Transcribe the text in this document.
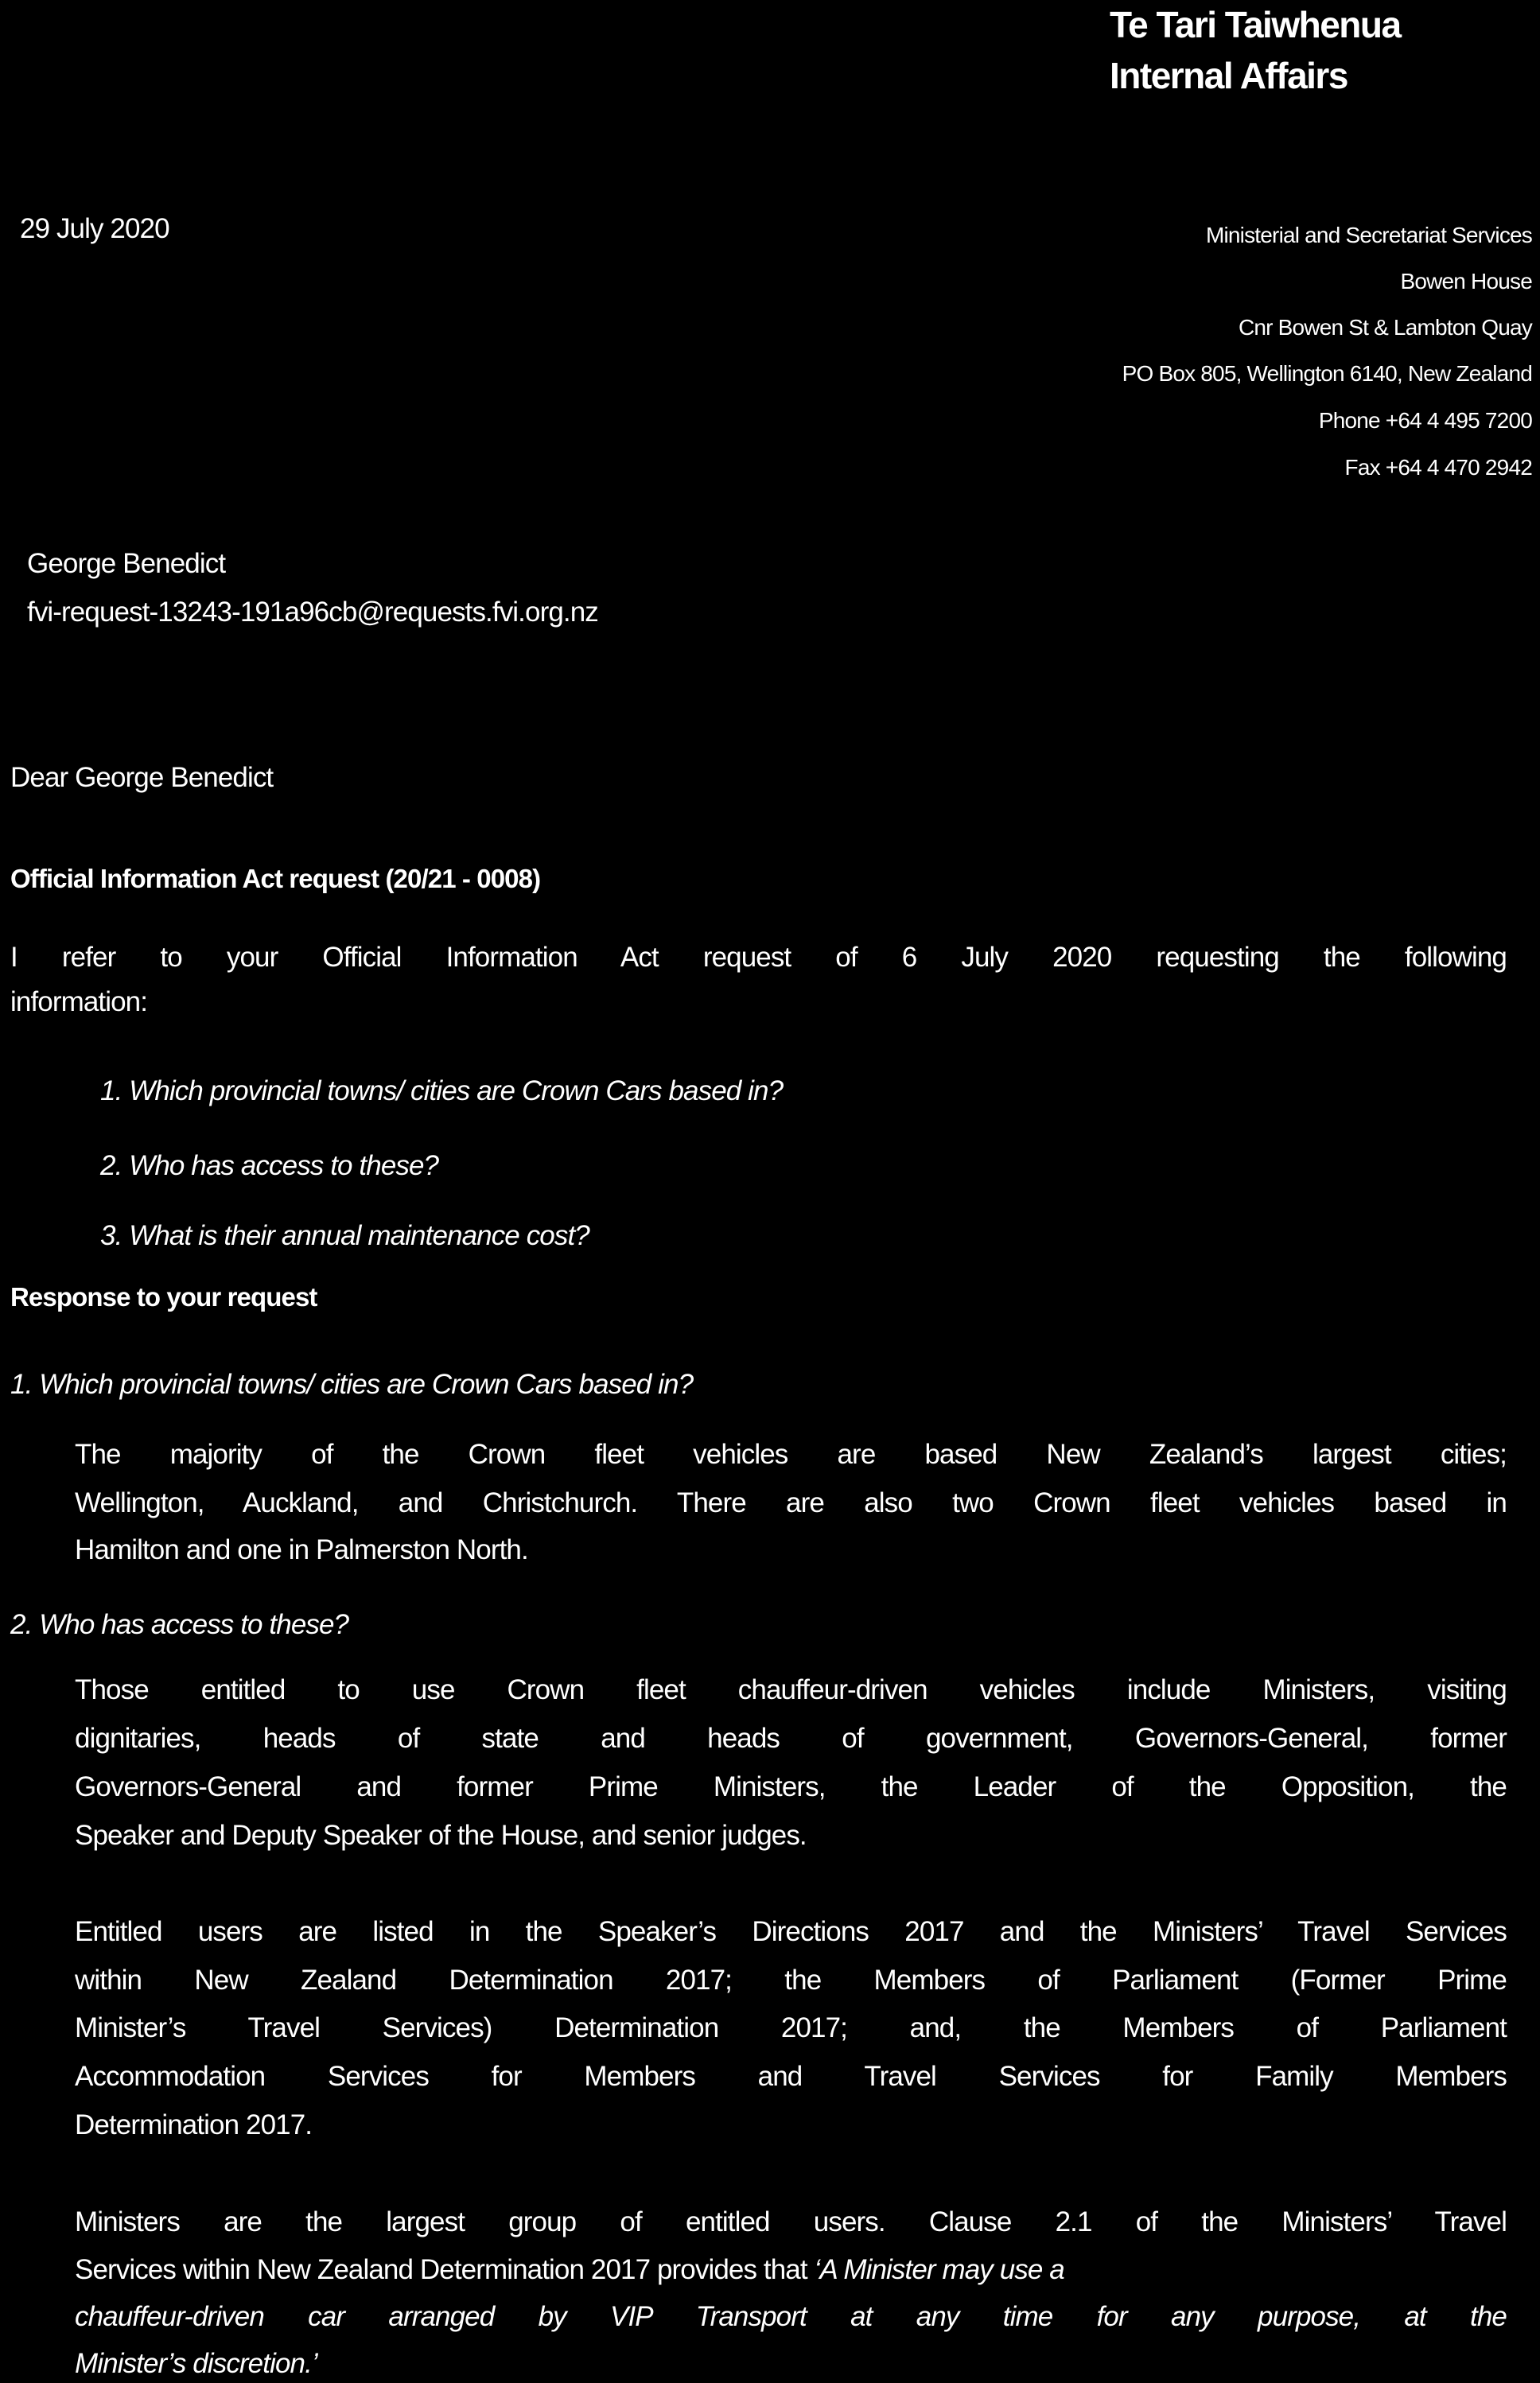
Te Tari Taiwhenua
Internal Affairs
29 July 2020	Ministerial and Secretariat Services
Bowen House
Cnr Bowen St & Lambton Quay
PO Box 805, Wellington 6140, New Zealand
Phone +64 4 495 7200
Fax +64 4 470 2942
George Benedict
fvi-request-13243-191a96cb@requests.fvi.org.nz
Dear George Benedict
Official Information Act request (20/21 - 0008)
I refer to your Official Information Act request of 6 July 2020 requesting the following
information:
1. Which provincial towns/ cities are Crown Cars based in?
2. Who has access to these?
3. What is their annual maintenance cost?
Response to your request
1. Which provincial towns/ cities are Crown Cars based in?
The majority of the Crown fleet vehicles are based New Zealand’s largest cities;
Wellington, Auckland, and Christchurch. There are also two Crown fleet vehicles based in
Hamilton and one in Palmerston North.
2. Who has access to these?
Those entitled to use Crown fleet chauffeur-driven vehicles include Ministers, visiting
dignitaries, heads of state and heads of government, Governors-General, former
Governors-General and former Prime Ministers, the Leader of the Opposition, the
Speaker and Deputy Speaker of the House, and senior judges.
Entitled users are listed in the Speaker’s Directions 2017 and the Ministers’ Travel Services
within New Zealand Determination 2017; the Members of Parliament (Former Prime
Minister’s Travel Services) Determination 2017; and, the Members of Parliament
Accommodation Services for Members and Travel Services for Family Members
Determination 2017.
Ministers are the largest group of entitled users. Clause 2.1 of the Ministers’ Travel
Services within New Zealand Determination 2017 provides that ‘A Minister may use a
chauffeur-driven car arranged by VIP Transport at any time for any purpose, at the
Minister’s discretion.’
